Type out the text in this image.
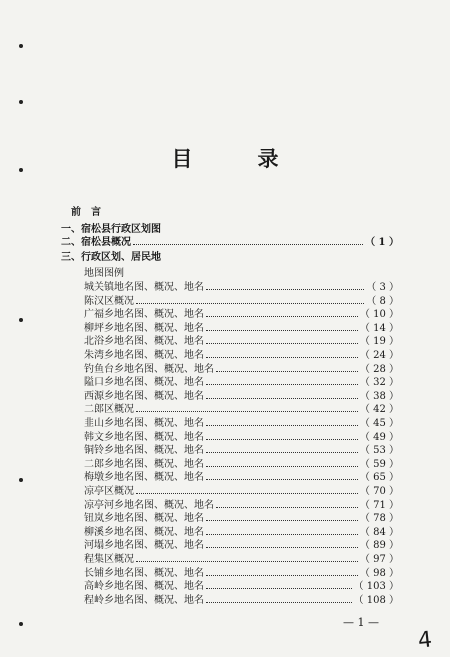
目　录
前　言
一、宿松县行政区划图
二、宿松县概况	（ 1 ）
三、行政区划、居民地
地图图例
城关镇地名图、概况、地名	（ 3 ）
陈汉区概况	（ 8 ）
广福乡地名图、概况、地名	（ 10 ）
柳坪乡地名图、概况、地名	（ 14 ）
北浴乡地名图、概况、地名	（ 19 ）
朱湾乡地名图、概况、地名	（ 24 ）
钓鱼台乡地名图、概况、地名	（ 28 ）
隘口乡地名图、概况、地名	（ 32 ）
西源乡地名图、概况、地名	（ 38 ）
二郎区概况	（ 42 ）
韭山乡地名图、概况、地名	（ 45 ）
韩文乡地名图、概况、地名	（ 49 ）
铜铃乡地名图、概况、地名	（ 53 ）
二郎乡地名图、概况、地名	（ 59 ）
梅墩乡地名图、概况、地名	（ 65 ）
凉亭区概况	（ 70 ）
凉亭河乡地名图、概况、地名	（ 71 ）
钮岚乡地名图、概况、地名	（ 78 ）
柳溪乡地名图、概况、地名	（ 84 ）
河塌乡地名图、概况、地名	（ 89 ）
程集区概况	（ 97 ）
长铺乡地名图、概况、地名	（ 98 ）
高岭乡地名图、概况、地名	（ 103 ）
程岭乡地名图、概况、地名	（ 108 ）
— 1 —
4
